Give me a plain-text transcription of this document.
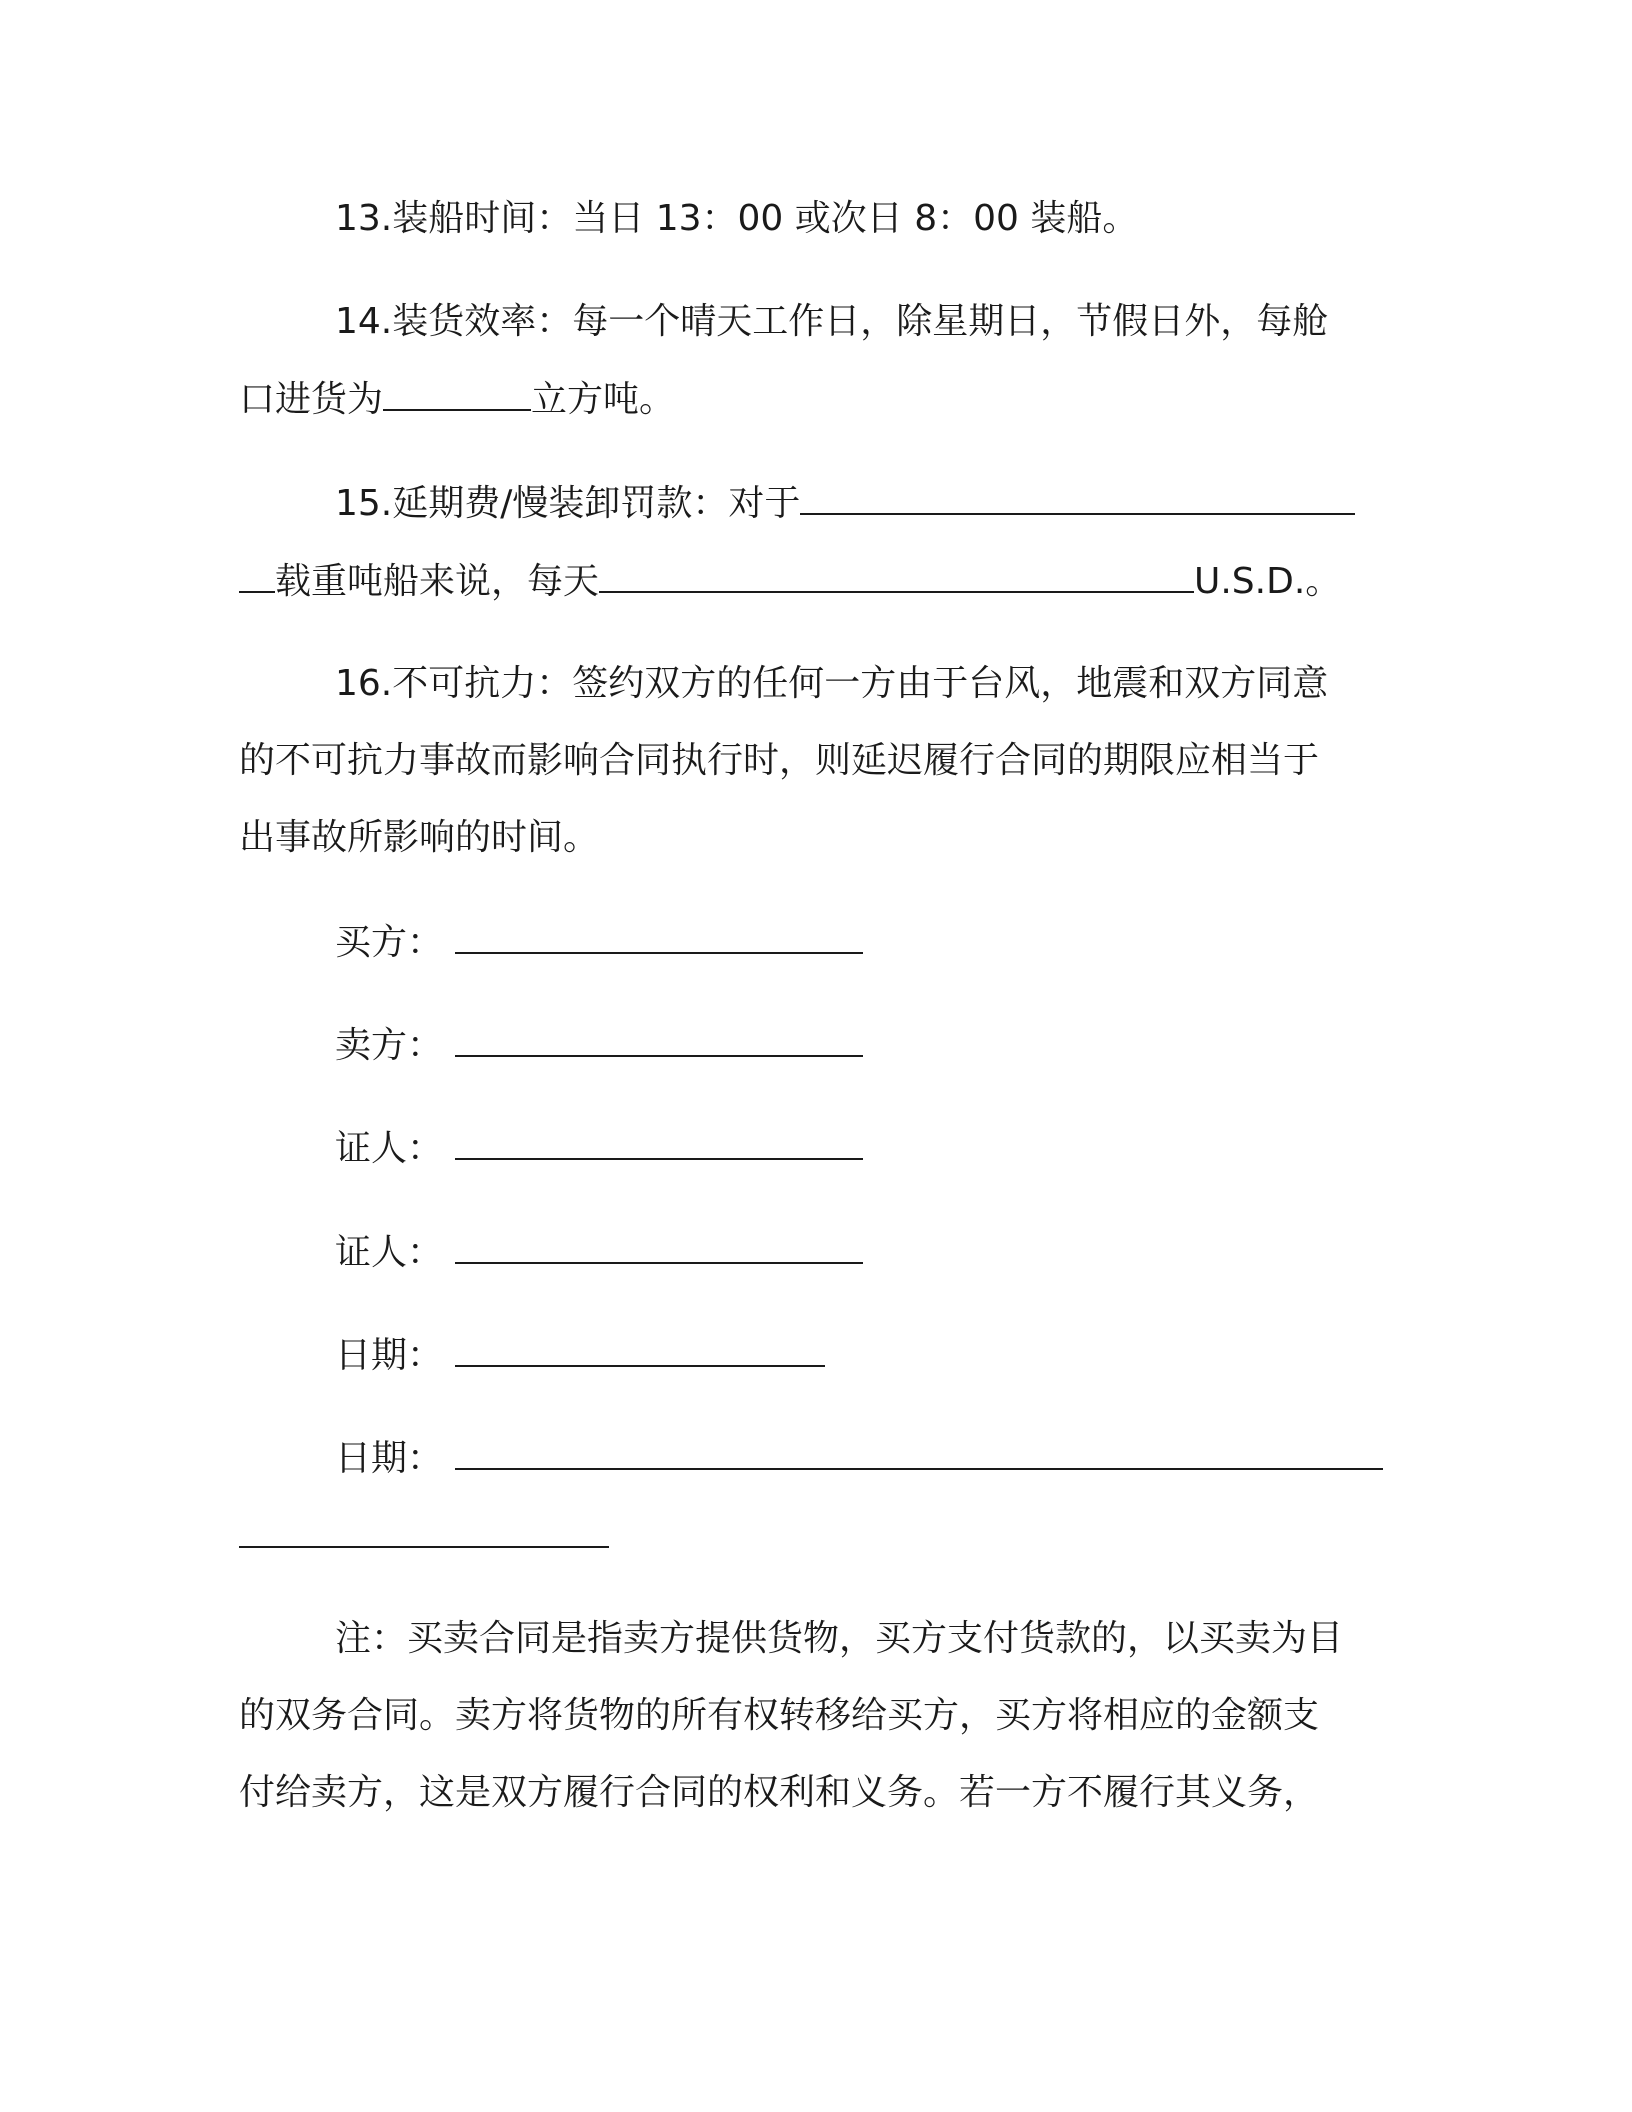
13.装船时间：当日 13：00 或次日 8：00 装船。
14.装货效率：每一个晴天工作日，除星期日，节假日外，每舱
口进货为	立方吨。
15.延期费/慢装卸罚款：对于
载重吨船来说，每天	U.S.D.。
16.不可抗力：签约双方的任何一方由于台风，地震和双方同意
的不可抗力事故而影响合同执行时，则延迟履行合同的期限应相当于
出事故所影响的时间。
买方：
卖方：
证人：
证人：
日期：
日期：
注：买卖合同是指卖方提供货物，买方支付货款的，以买卖为目
的双务合同。卖方将货物的所有权转移给买方，买方将相应的金额支
付给卖方，这是双方履行合同的权利和义务。若一方不履行其义务，
